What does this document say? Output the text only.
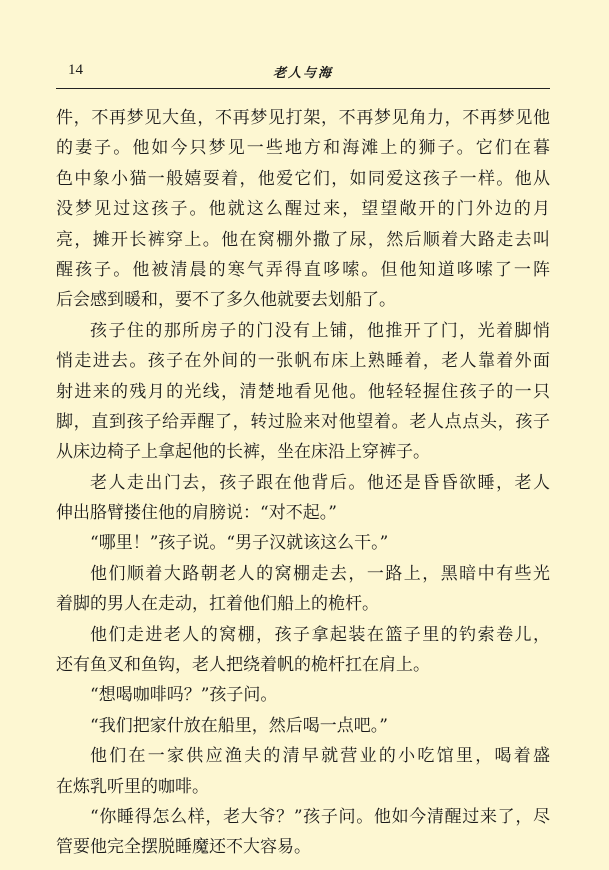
14	老人与海
件，不再梦见大鱼，不再梦见打架，不再梦见角力，不再梦见他
的妻子。他如今只梦见一些地方和海滩上的狮子。它们在暮
色中象小猫一般嬉耍着，他爱它们，如同爱这孩子一样。他从
没梦见过这孩子。他就这么醒过来，望望敞开的门外边的月
亮，摊开长裤穿上。他在窝棚外撒了尿，然后顺着大路走去叫
醒孩子。他被清晨的寒气弄得直哆嗦。但他知道哆嗦了一阵
后会感到暖和，要不了多久他就要去划船了。
孩子住的那所房子的门没有上铺，他推开了门，光着脚悄
悄走进去。孩子在外间的一张帆布床上熟睡着，老人靠着外面
射进来的残月的光线，清楚地看见他。他轻轻握住孩子的一只
脚，直到孩子给弄醒了，转过脸来对他望着。老人点点头，孩子
从床边椅子上拿起他的长裤，坐在床沿上穿裤子。
老人走出门去，孩子跟在他背后。他还是昏昏欲睡，老人
伸出胳臂搂住他的肩膀说：“对不起。”
“哪里！”孩子说。“男子汉就该这么干。”
他们顺着大路朝老人的窝棚走去，一路上，黑暗中有些光
着脚的男人在走动，扛着他们船上的桅杆。
他们走进老人的窝棚，孩子拿起装在篮子里的钓索卷儿，
还有鱼叉和鱼钩，老人把绕着帆的桅杆扛在肩上。
“想喝咖啡吗？”孩子问。
“我们把家什放在船里，然后喝一点吧。”
他们在一家供应渔夫的清早就营业的小吃馆里，喝着盛
在炼乳听里的咖啡。
“你睡得怎么样，老大爷？”孩子问。他如今清醒过来了，尽
管要他完全摆脱睡魔还不大容易。
